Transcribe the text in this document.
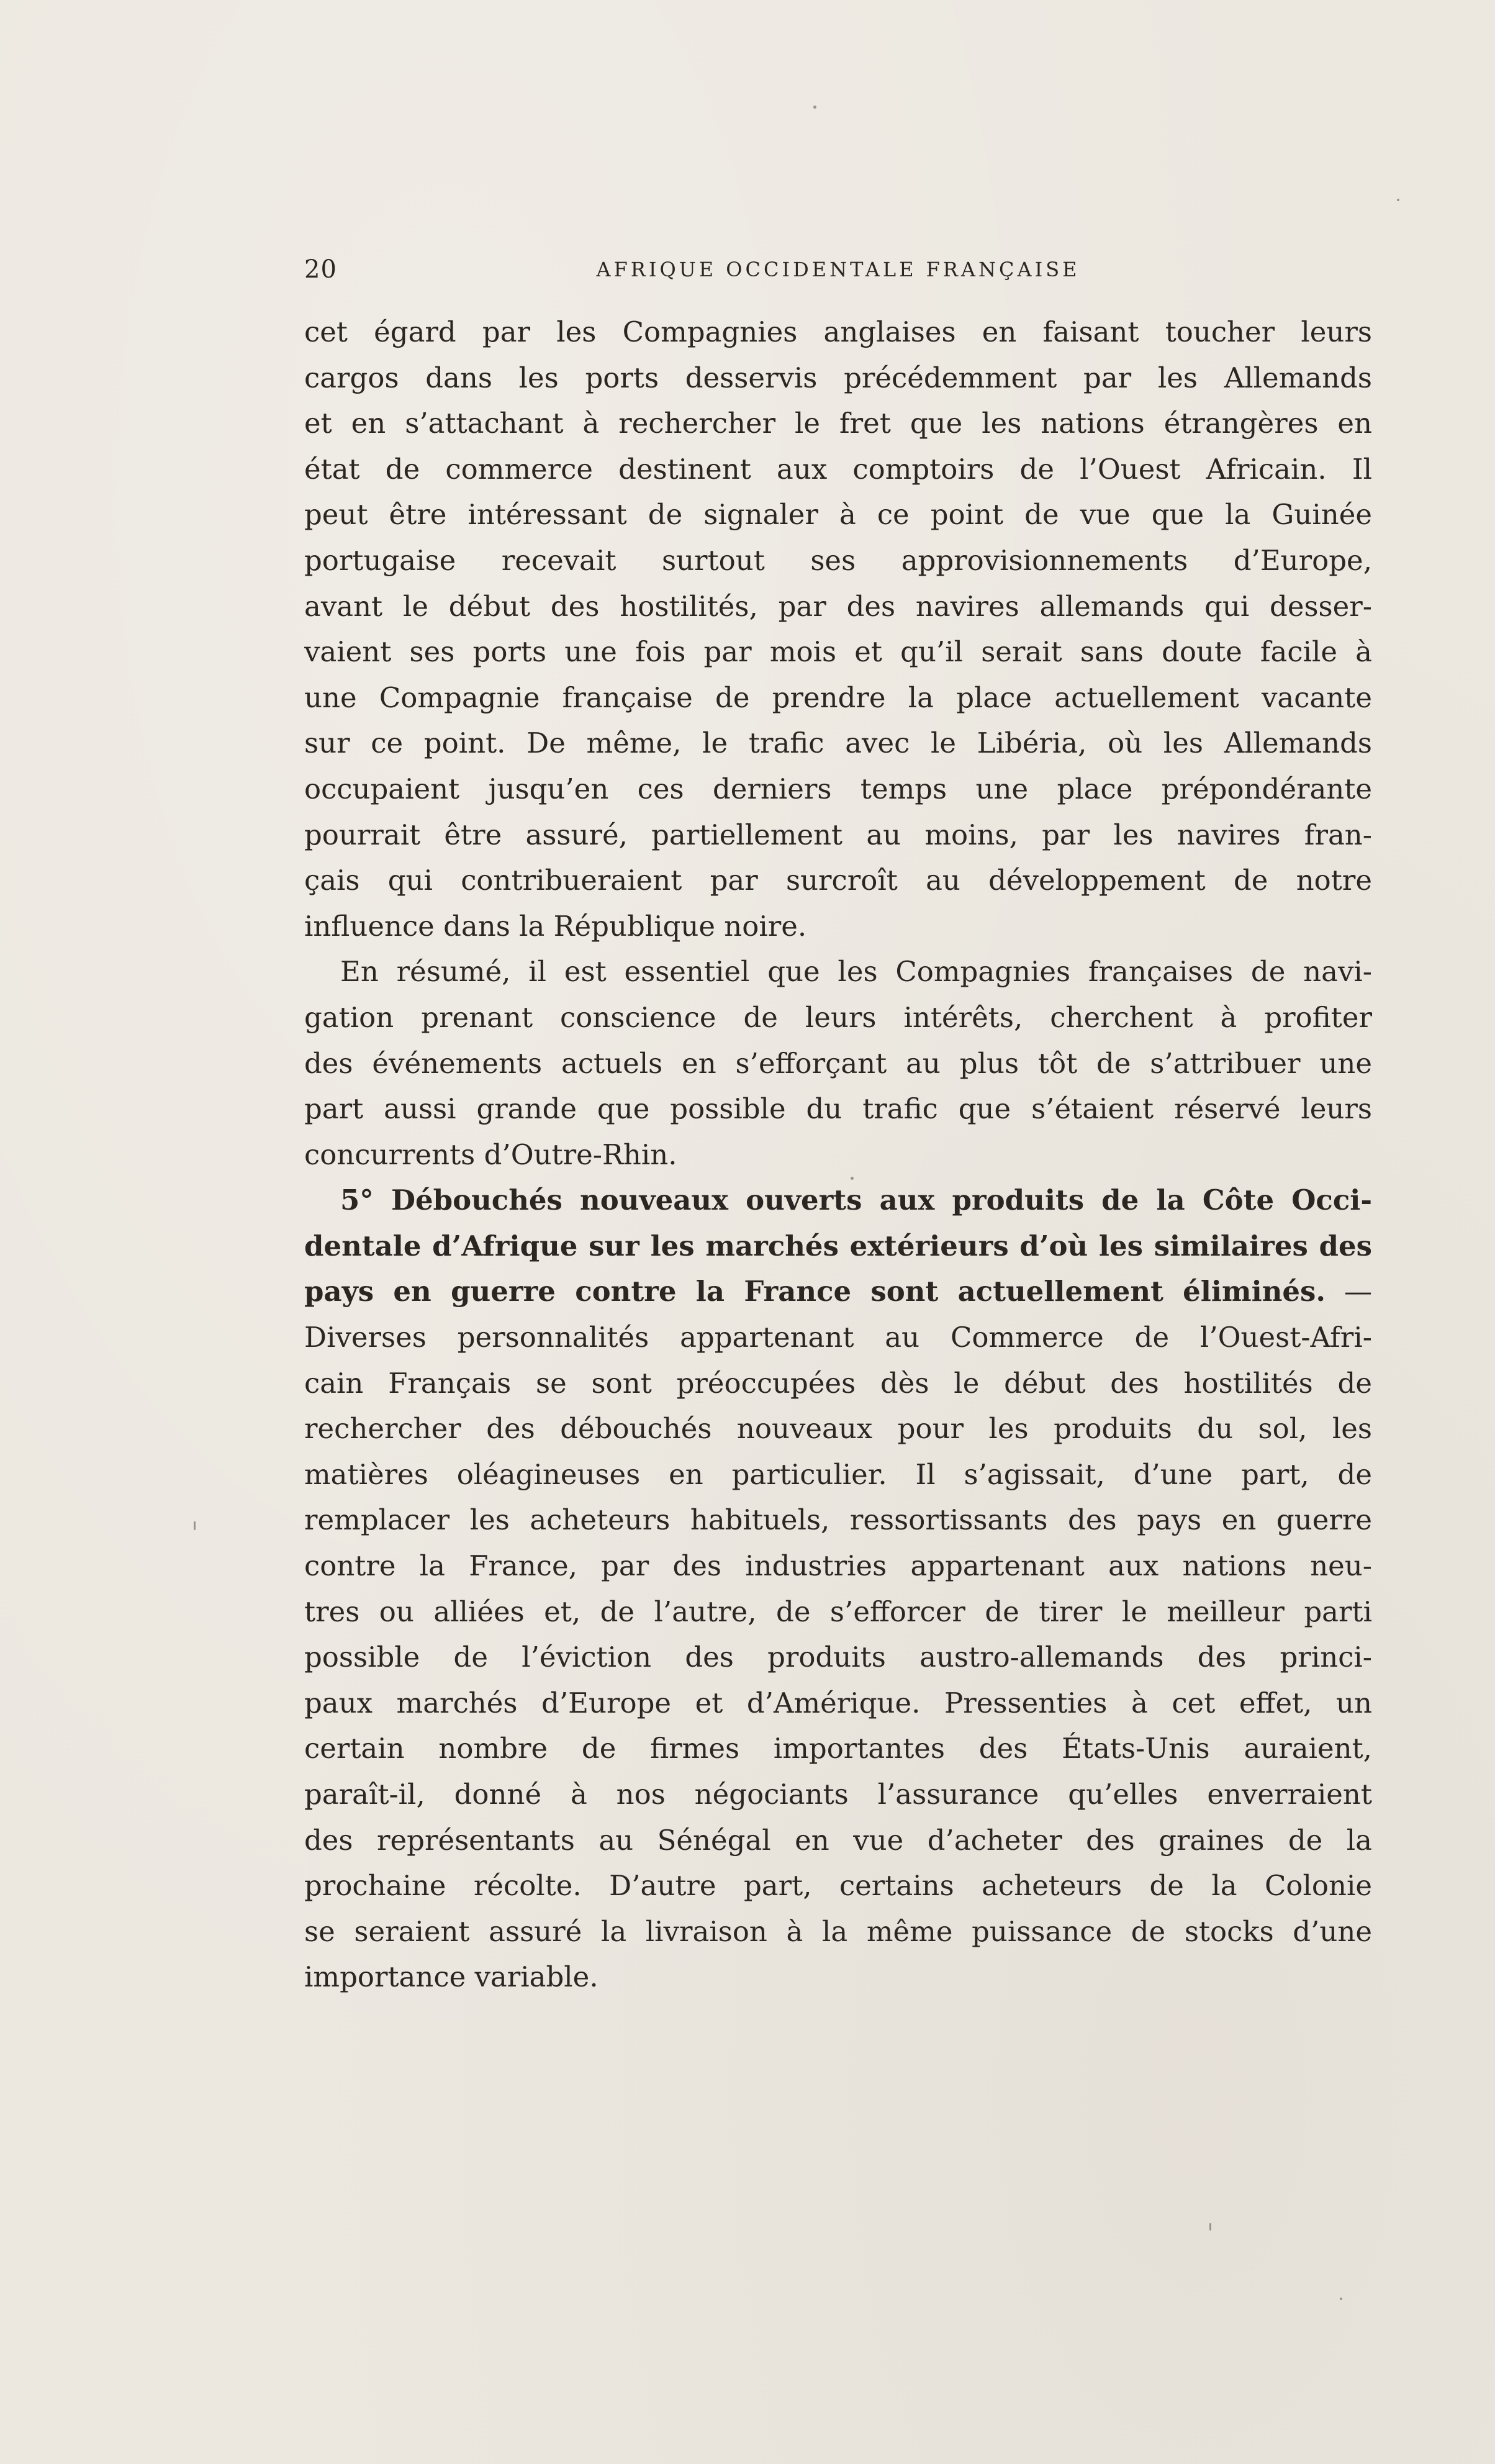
20	AFRIQUE OCCIDENTALE FRANÇAISE
cet égard par les Compagnies anglaises en faisant toucher leurs
cargos dans les ports desservis précédemment par les Allemands
et en s’attachant à rechercher le fret que les nations étrangères en
état de commerce destinent aux comptoirs de l’Ouest Africain. Il
peut être intéressant de signaler à ce point de vue que la Guinée
portugaise recevait surtout ses approvisionnements d’Europe,
avant le début des hostilités, par des navires allemands qui desser-
vaient ses ports une fois par mois et qu’il serait sans doute facile à
une Compagnie française de prendre la place actuellement vacante
sur ce point. De même, le trafic avec le Libéria, où les Allemands
occupaient jusqu’en ces derniers temps une place prépondérante
pourrait être assuré, partiellement au moins, par les navires fran-
çais qui contribueraient par surcroît au développement de notre
influence dans la République noire.
En résumé, il est essentiel que les Compagnies françaises de navi-
gation prenant conscience de leurs intérêts, cherchent à profiter
des événements actuels en s’efforçant au plus tôt de s’attribuer une
part aussi grande que possible du trafic que s’étaient réservé leurs
concurrents d’Outre-Rhin.
5° Débouchés nouveaux ouverts aux produits de la Côte Occi-
dentale d’Afrique sur les marchés extérieurs d’où les similaires des
pays en guerre contre la France sont actuellement éliminés. —
Diverses personnalités appartenant au Commerce de l’Ouest-Afri-
cain Français se sont préoccupées dès le début des hostilités de
rechercher des débouchés nouveaux pour les produits du sol, les
matières oléagineuses en particulier. Il s’agissait, d’une part, de
remplacer les acheteurs habituels, ressortissants des pays en guerre
contre la France, par des industries appartenant aux nations neu-
tres ou alliées et, de l’autre, de s’efforcer de tirer le meilleur parti
possible de l’éviction des produits austro-allemands des princi-
paux marchés d’Europe et d’Amérique. Pressenties à cet effet, un
certain nombre de firmes importantes des États-Unis auraient,
paraît-il, donné à nos négociants l’assurance qu’elles enverraient
des représentants au Sénégal en vue d’acheter des graines de la
prochaine récolte. D’autre part, certains acheteurs de la Colonie
se seraient assuré la livraison à la même puissance de stocks d’une
importance variable.
